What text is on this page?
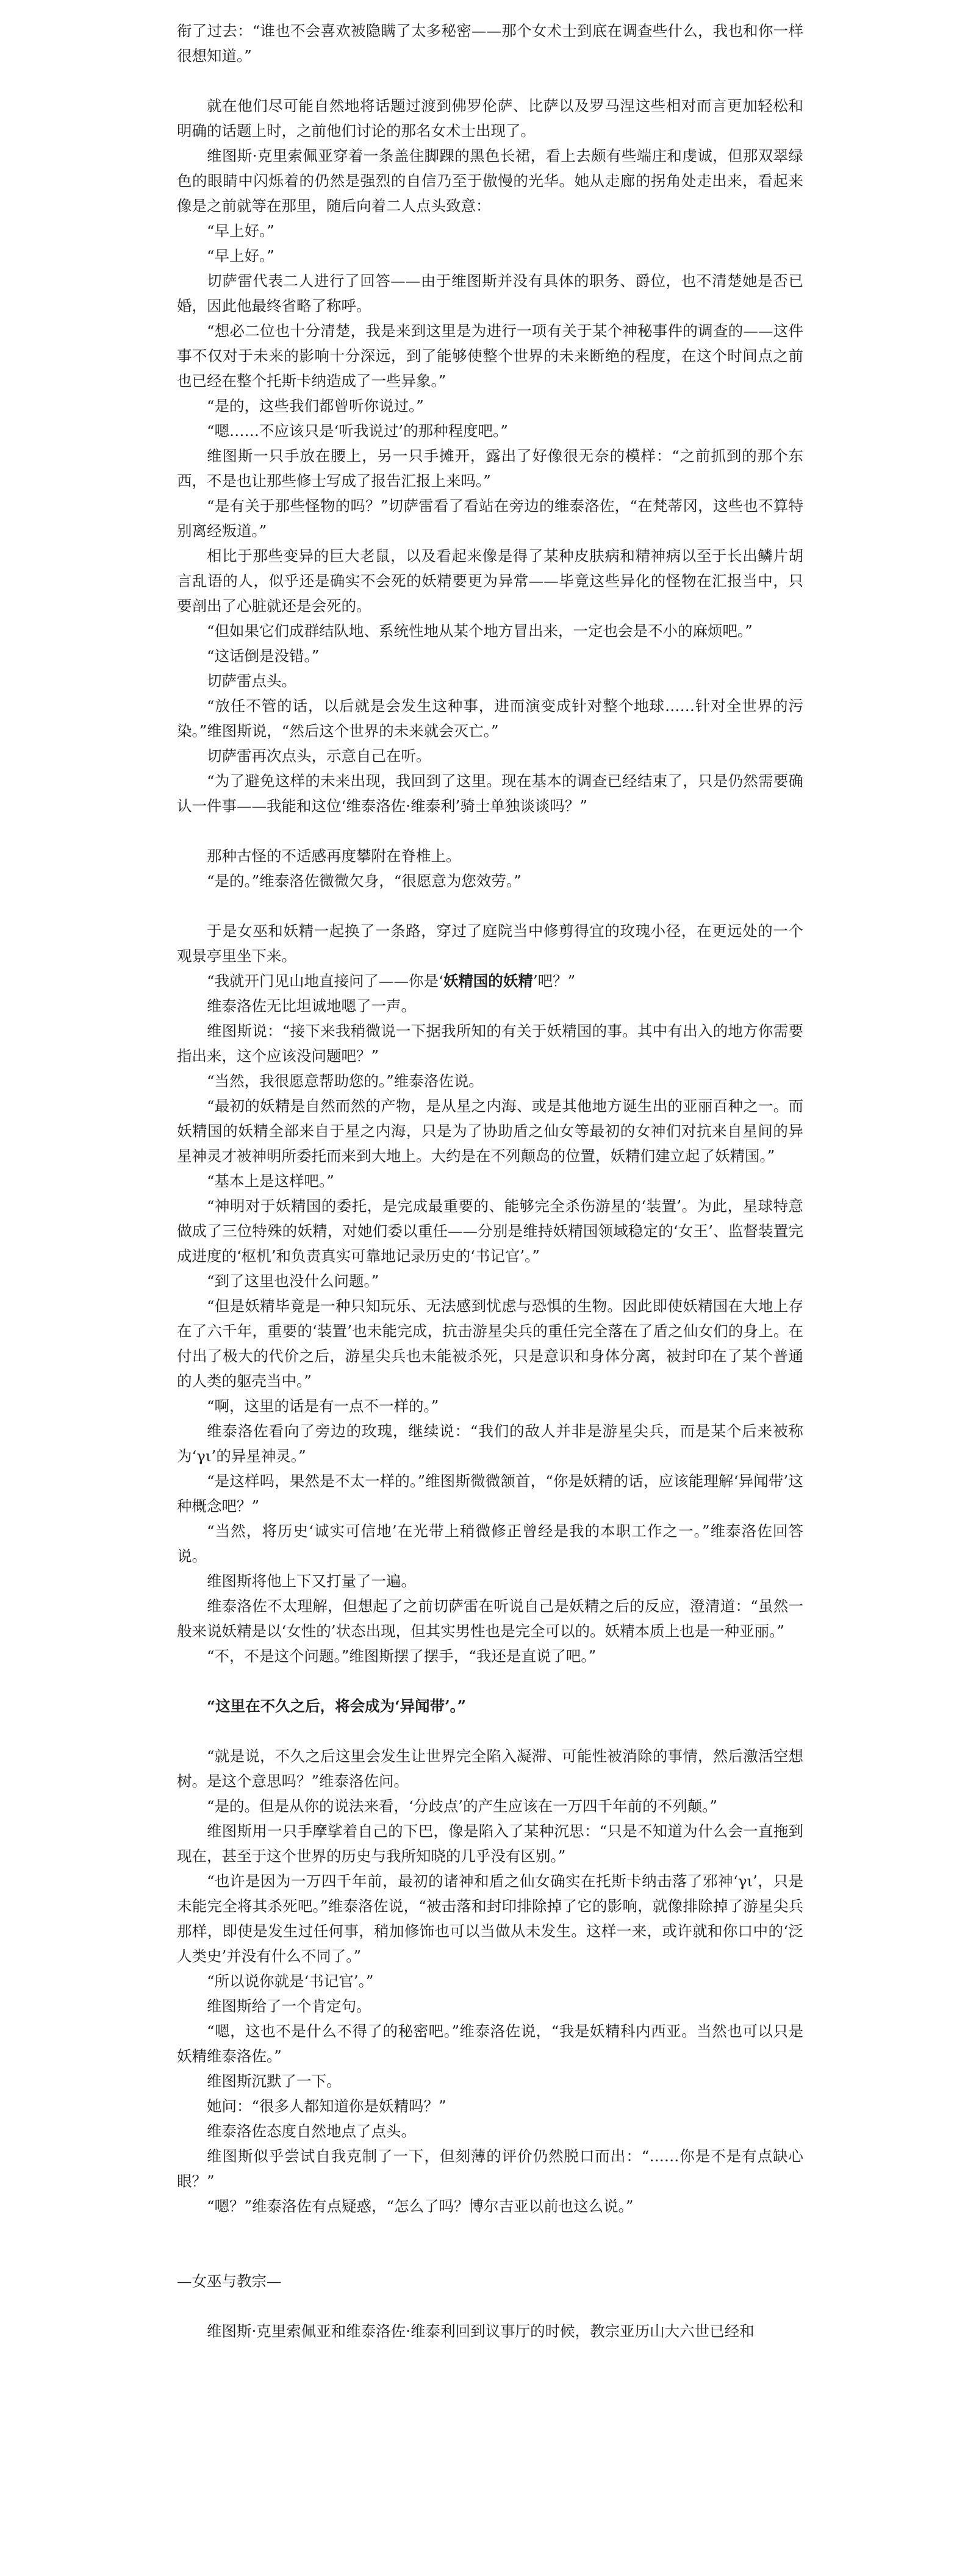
衔了过去：“谁也不会喜欢被隐瞒了太多秘密——那个女术士到底在调查些什么，我也和你一样很想知道。”

就在他们尽可能自然地将话题过渡到佛罗伦萨、比萨以及罗马涅这些相对而言更加轻松和明确的话题上时，之前他们讨论的那名女术士出现了。

维图斯·克里索佩亚穿着一条盖住脚踝的黑色长裙，看上去颇有些端庄和虔诚，但那双翠绿色的眼睛中闪烁着的仍然是强烈的自信乃至于傲慢的光华。她从走廊的拐角处走出来，看起来像是之前就等在那里，随后向着二人点头致意：

“早上好。”

“早上好。”

切萨雷代表二人进行了回答——由于维图斯并没有具体的职务、爵位，也不清楚她是否已婚，因此他最终省略了称呼。

“想必二位也十分清楚，我是来到这里是为进行一项有关于某个神秘事件的调查的——这件事不仅对于未来的影响十分深远，到了能够使整个世界的未来断绝的程度，在这个时间点之前也已经在整个托斯卡纳造成了一些异象。”

“是的，这些我们都曾听你说过。”

“嗯……不应该只是‘听我说过’的那种程度吧。”

维图斯一只手放在腰上，另一只手摊开，露出了好像很无奈的模样：“之前抓到的那个东西，不是也让那些修士写成了报告汇报上来吗。”

“是有关于那些怪物的吗？”切萨雷看了看站在旁边的维泰洛佐，“在梵蒂冈，这些也不算特别离经叛道。”

相比于那些变异的巨大老鼠，以及看起来像是得了某种皮肤病和精神病以至于长出鳞片胡言乱语的人，似乎还是确实不会死的妖精要更为异常——毕竟这些异化的怪物在汇报当中，只要剖出了心脏就还是会死的。

“但如果它们成群结队地、系统性地从某个地方冒出来，一定也会是不小的麻烦吧。”

“这话倒是没错。”

切萨雷点头。

“放任不管的话，以后就是会发生这种事，进而演变成针对整个地球……针对全世界的污染。”维图斯说，“然后这个世界的未来就会灭亡。”

切萨雷再次点头，示意自己在听。

“为了避免这样的未来出现，我回到了这里。现在基本的调查已经结束了，只是仍然需要确认一件事——我能和这位‘维泰洛佐·维泰利’骑士单独谈谈吗？”

那种古怪的不适感再度攀附在脊椎上。

“是的。”维泰洛佐微微欠身，“很愿意为您效劳。”

于是女巫和妖精一起换了一条路，穿过了庭院当中修剪得宜的玫瑰小径，在更远处的一个观景亭里坐下来。

“我就开门见山地直接问了——你是‘妖精国的妖精’吧？”

维泰洛佐无比坦诚地嗯了一声。

维图斯说：“接下来我稍微说一下据我所知的有关于妖精国的事。其中有出入的地方你需要指出来，这个应该没问题吧？”

“当然，我很愿意帮助您的。”维泰洛佐说。

“最初的妖精是自然而然的产物，是从星之内海、或是其他地方诞生出的亚丽百种之一。而妖精国的妖精全部来自于星之内海，只是为了协助盾之仙女等最初的女神们对抗来自星间的异星神灵才被神明所委托而来到大地上。大约是在不列颠岛的位置，妖精们建立起了妖精国。”

“基本上是这样吧。”

“神明对于妖精国的委托，是完成最重要的、能够完全杀伤游星的‘装置’。为此，星球特意做成了三位特殊的妖精，对她们委以重任——分别是维持妖精国领域稳定的‘女王’、监督装置完成进度的‘枢机’和负责真实可靠地记录历史的‘书记官’。”

“到了这里也没什么问题。”

“但是妖精毕竟是一种只知玩乐、无法感到忧虑与恐惧的生物。因此即使妖精国在大地上存在了六千年，重要的‘装置’也未能完成，抗击游星尖兵的重任完全落在了盾之仙女们的身上。在付出了极大的代价之后，游星尖兵也未能被杀死，只是意识和身体分离，被封印在了某个普通的人类的躯壳当中。”

“啊，这里的话是有一点不一样的。”

维泰洛佐看向了旁边的玫瑰，继续说：“我们的敌人并非是游星尖兵，而是某个后来被称为‘γι’的异星神灵。”

“是这样吗，果然是不太一样的。”维图斯微微颔首，“你是妖精的话，应该能理解‘异闻带’这种概念吧？”

“当然，将历史‘诚实可信地’在光带上稍微修正曾经是我的本职工作之一。”维泰洛佐回答说。

维图斯将他上下又打量了一遍。

维泰洛佐不太理解，但想起了之前切萨雷在听说自己是妖精之后的反应，澄清道：“虽然一般来说妖精是以‘女性的’状态出现，但其实男性也是完全可以的。妖精本质上也是一种亚丽。”

“不，不是这个问题。”维图斯摆了摆手，“我还是直说了吧。”

“这里在不久之后，将会成为‘异闻带’。”

“就是说，不久之后这里会发生让世界完全陷入凝滞、可能性被消除的事情，然后激活空想树。是这个意思吗？”维泰洛佐问。

“是的。但是从你的说法来看，‘分歧点’的产生应该在一万四千年前的不列颠。”

维图斯用一只手摩挲着自己的下巴，像是陷入了某种沉思：“只是不知道为什么会一直拖到现在，甚至于这个世界的历史与我所知晓的几乎没有区别。”

“也许是因为一万四千年前，最初的诸神和盾之仙女确实在托斯卡纳击落了邪神‘γι’，只是未能完全将其杀死吧。”维泰洛佐说，“被击落和封印排除掉了它的影响，就像排除掉了游星尖兵那样，即使是发生过任何事，稍加修饰也可以当做从未发生。这样一来，或许就和你口中的‘泛人类史’并没有什么不同了。”

“所以说你就是‘书记官’。”

维图斯给了一个肯定句。

“嗯，这也不是什么不得了的秘密吧。”维泰洛佐说，“我是妖精科内西亚。当然也可以只是妖精维泰洛佐。”

维图斯沉默了一下。

她问：“很多人都知道你是妖精吗？”

维泰洛佐态度自然地点了点头。

维图斯似乎尝试自我克制了一下，但刻薄的评价仍然脱口而出：“……你是不是有点缺心眼？”

“嗯？”维泰洛佐有点疑惑，“怎么了吗？博尔吉亚以前也这么说。”

—女巫与教宗—

维图斯·克里索佩亚和维泰洛佐·维泰利回到议事厅的时候，教宗亚历山大六世已经和
